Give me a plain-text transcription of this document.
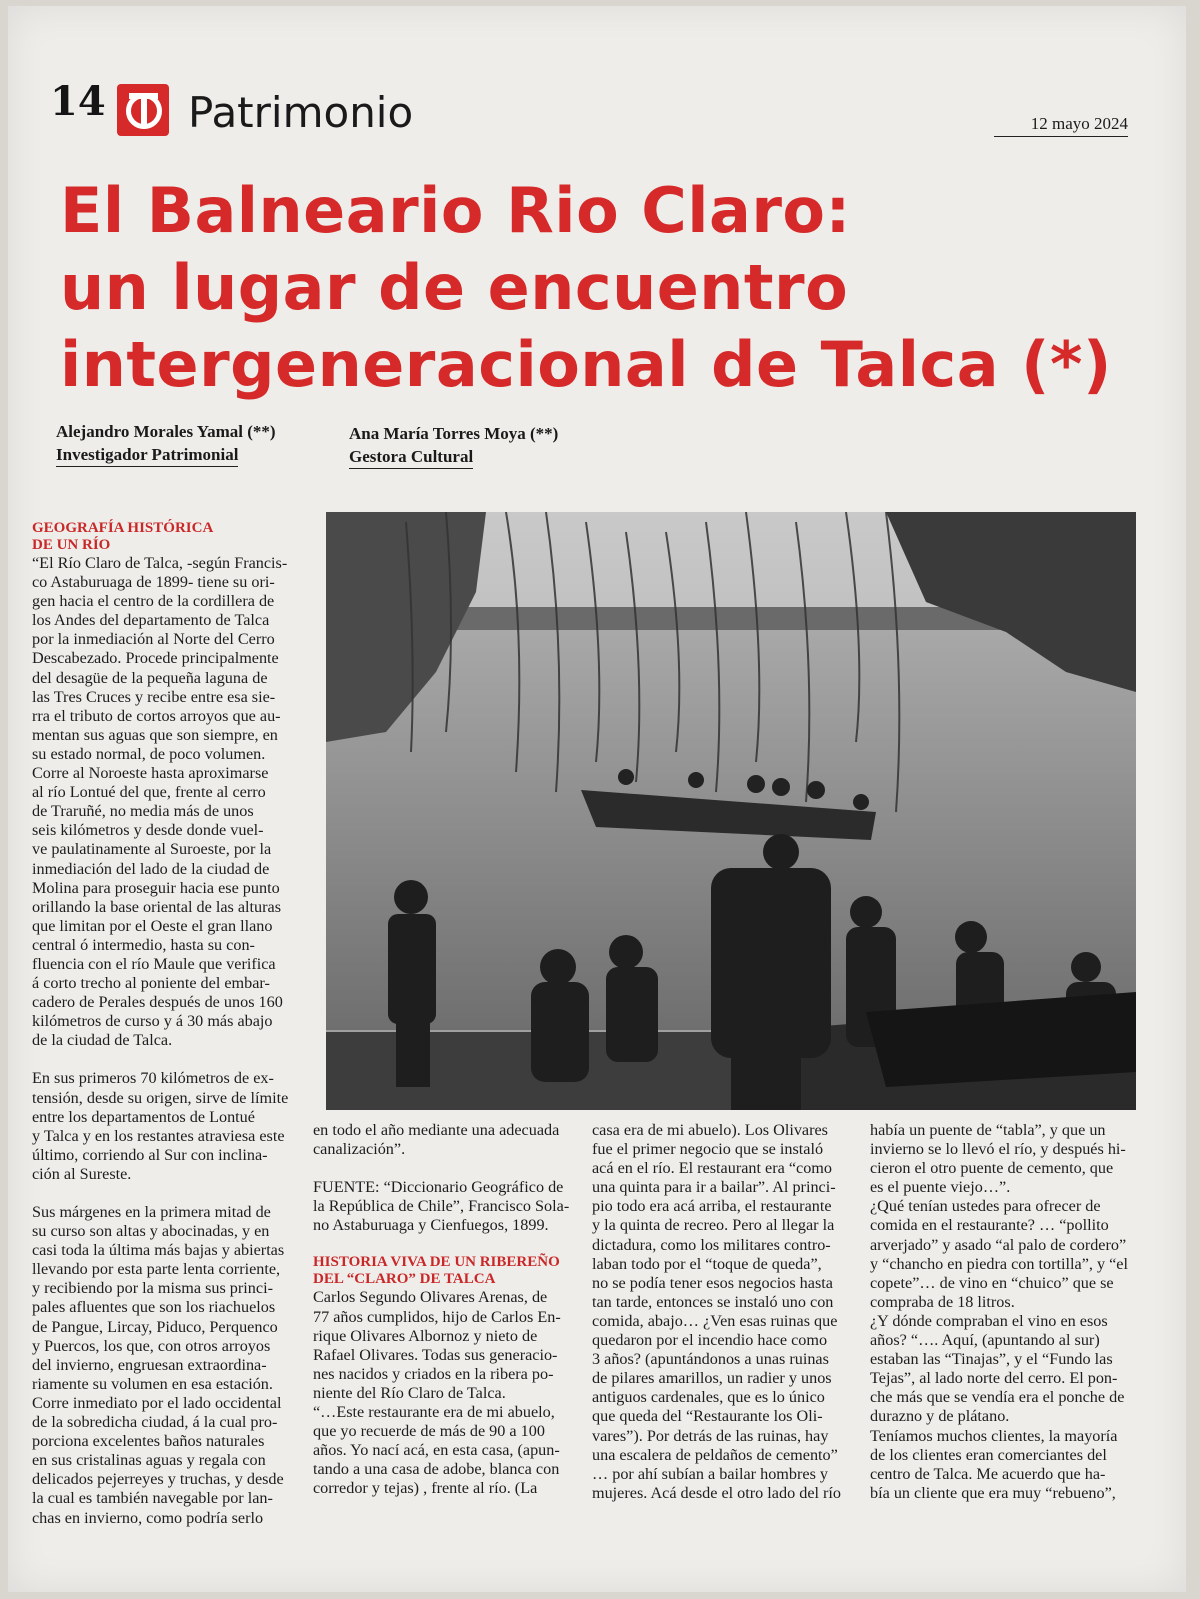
14 Patrimonio	12 mayo 2024
El Balneario Rio Claro:
un lugar de encuentro
intergeneracional de Talca (*)
Alejandro Morales Yamal (**)
Investigador Patrimonial
Ana María Torres Moya (**)
Gestora Cultural
GEOGRAFÍA HISTÓRICA
DE UN RÍO
“El Río Claro de Talca, -según Francis-
co Astaburuaga de 1899- tiene su ori-
gen hacia el centro de la cordillera de
los Andes del departamento de Talca
por la inmediación al Norte del Cerro
Descabezado. Procede principalmente
del desagüe de la pequeña laguna de
las Tres Cruces y recibe entre esa sie-
rra el tributo de cortos arroyos que au-
mentan sus aguas que son siempre, en
su estado normal, de poco volumen.
Corre al Noroeste hasta aproximarse
al río Lontué del que, frente al cerro
de Traruñé, no media más de unos
seis kilómetros y desde donde vuel-
ve paulatinamente al Suroeste, por la
inmediación del lado de la ciudad de
Molina para proseguir hacia ese punto
orillando la base oriental de las alturas
que limitan por el Oeste el gran llano
central ó intermedio, hasta su con-
fluencia con el río Maule que verifica
á corto trecho al poniente del embar-
cadero de Perales después de unos 160
kilómetros de curso y á 30 más abajo
de la ciudad de Talca.
En sus primeros 70 kilómetros de ex-
tensión, desde su origen, sirve de límite
entre los departamentos de Lontué
y Talca y en los restantes atraviesa este
último, corriendo al Sur con inclina-
ción al Sureste.
Sus márgenes en la primera mitad de
su curso son altas y abocinadas, y en
casi toda la última más bajas y abiertas
llevando por esta parte lenta corriente,
y recibiendo por la misma sus princi-
pales afluentes que son los riachuelos
de Pangue, Lircay, Piduco, Perquenco
y Puercos, los que, con otros arroyos
del invierno, engruesan extraordina-
riamente su volumen en esa estación.
Corre inmediato por el lado occidental
de la sobredicha ciudad, á la cual pro-
porciona excelentes baños naturales
en sus cristalinas aguas y regala con
delicados pejerreyes y truchas, y desde
la cual es también navegable por lan-
chas en invierno, como podría serlo
en todo el año mediante una adecuada
canalización”.
FUENTE: “Diccionario Geográfico de
la República de Chile”, Francisco Sola-
no Astaburuaga y Cienfuegos, 1899.
HISTORIA VIVA DE UN RIBEREÑO
DEL “CLARO” DE TALCA
Carlos Segundo Olivares Arenas, de
77 años cumplidos, hijo de Carlos En-
rique Olivares Albornoz y nieto de
Rafael Olivares. Todas sus generacio-
nes nacidos y criados en la ribera po-
niente del Río Claro de Talca.
“…Este restaurante era de mi abuelo,
que yo recuerde de más de 90 a 100
años. Yo nací acá, en esta casa, (apun-
tando a una casa de adobe, blanca con
corredor y tejas) , frente al río. (La
casa era de mi abuelo). Los Olivares
fue el primer negocio que se instaló
acá en el río. El restaurant era “como
una quinta para ir a bailar”. Al princi-
pio todo era acá arriba, el restaurante
y la quinta de recreo. Pero al llegar la
dictadura, como los militares contro-
laban todo por el “toque de queda”,
no se podía tener esos negocios hasta
tan tarde, entonces se instaló uno con
comida, abajo… ¿Ven esas ruinas que
quedaron por el incendio hace como
3 años? (apuntándonos a unas ruinas
de pilares amarillos, un radier y unos
antiguos cardenales, que es lo único
que queda del “Restaurante los Oli-
vares”). Por detrás de las ruinas, hay
una escalera de peldaños de cemento”
… por ahí subían a bailar hombres y
mujeres. Acá desde el otro lado del río
había un puente de “tabla”, y que un
invierno se lo llevó el río, y después hi-
cieron el otro puente de cemento, que
es el puente viejo…”.
¿Qué tenían ustedes para ofrecer de
comida en el restaurante? … “pollito
arverjado” y asado “al palo de cordero”
y “chancho en piedra con tortilla”, y “el
copete”… de vino en “chuico” que se
compraba de 18 litros.
¿Y dónde compraban el vino en esos
años? “…. Aquí, (apuntando al sur)
estaban las “Tinajas”, y el “Fundo las
Tejas”, al lado norte del cerro. El pon-
che más que se vendía era el ponche de
durazno y de plátano.
Teníamos muchos clientes, la mayoría
de los clientes eran comerciantes del
centro de Talca. Me acuerdo que ha-
bía un cliente que era muy “rebueno”,
